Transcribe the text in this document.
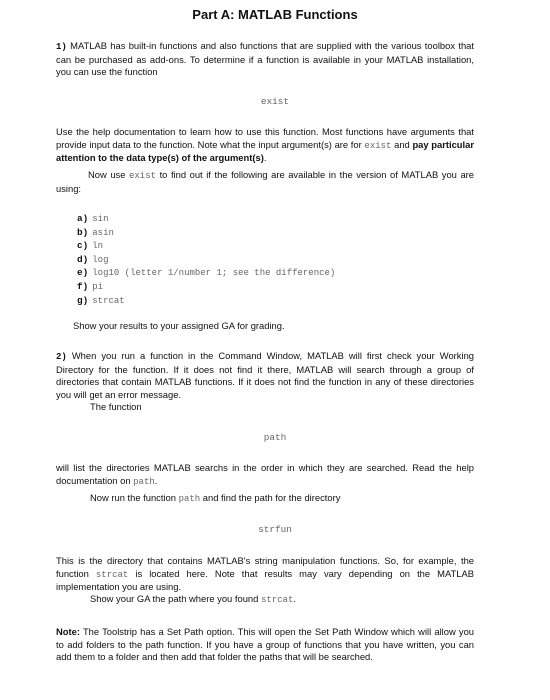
Part A: MATLAB Functions
1) MATLAB has built-in functions and also functions that are supplied with the various toolbox that can be purchased as add-ons. To determine if a function is available in your MATLAB installation, you can use the function
exist
Use the help documentation to learn how to use this function. Most functions have arguments that provide input data to the function. Note what the input argument(s) are for exist and pay particular attention to the data type(s) of the argument(s).
Now use exist to find out if the following are available in the version of MATLAB you are using:
a) sin
b) asin
c) ln
d) log
e) log10 (letter 1/number 1; see the difference)
f) pi
g) strcat
Show your results to your assigned GA for grading.
2) When you run a function in the Command Window, MATLAB will first check your Working Directory for the function. If it does not find it there, MATLAB will search through a group of directories that contain MATLAB functions. If it does not find the function in any of these directories you will get an error message.
The function
path
will list the directories MATLAB searchs in the order in which they are searched. Read the help documentation on path.
Now run the function path and find the path for the directory
strfun
This is the directory that contains MATLAB's string manipulation functions. So, for example, the function strcat is located here. Note that results may vary depending on the MATLAB implementation you are using.
Show your GA the path where you found strcat.
Note: The Toolstrip has a Set Path option. This will open the Set Path Window which will allow you to add folders to the path function. If you have a group of functions that you have written, you can add them to a folder and then add that folder the paths that will be searched.
